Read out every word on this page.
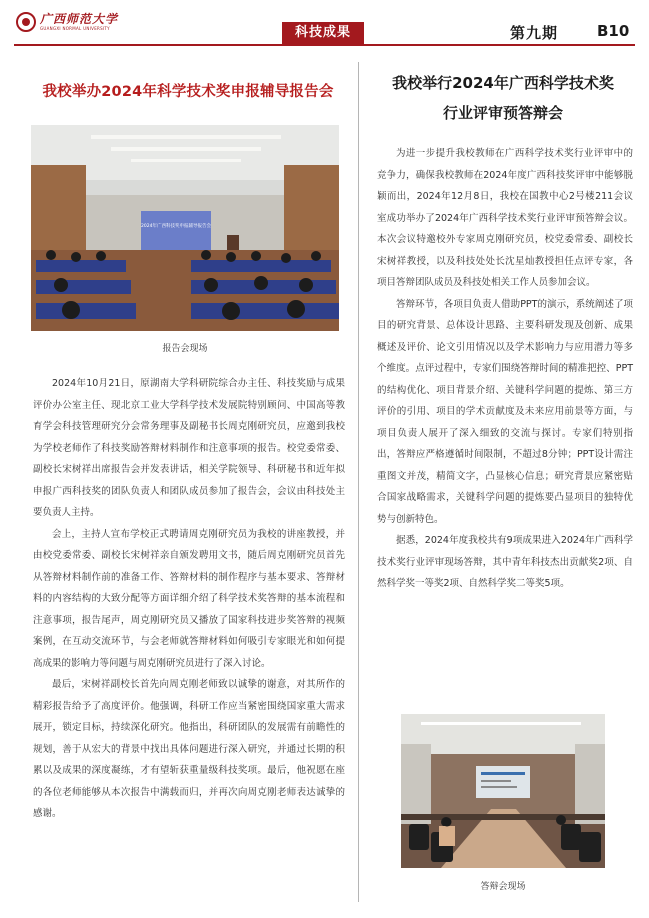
广西师范大学
GUANGXI NORMAL UNIVERSITY	科技成果	第九期	B10
我校举办2024年科学技术奖申报辅导报告会
2024年广西科技奖申报辅导报告会
报告会现场

2024年10月21日，原湖南大学科研院综合办主任、科技奖励与成果评价办公室主任、现北京工业大学科学技术发展院特别顾问、中国高等教育学会科技管理研究分会常务理事及副秘书长周克刚研究员，应邀到我校为学校老师作了科技奖励答辩材料制作和注意事项的报告。校党委常委、副校长宋树祥出席报告会并发表讲话，相关学院领导、科研秘书和近年拟申报广西科技奖的团队负责人和团队成员参加了报告会，会议由科技处主要负责人主持。

会上，主持人宣布学校正式聘请周克刚研究员为我校的讲座教授，并由校党委常委、副校长宋树祥亲自颁发聘用文书，随后周克刚研究员首先从答辩材料制作前的准备工作、答辩材料的制作程序与基本要求、答辩材料的内容结构的大致分配等方面详细介绍了科学技术奖答辩的基本流程和注意事项，报告尾声，周克刚研究员又播放了国家科技进步奖答辩的视频案例，在互动交流环节，与会老师就答辩材料如何吸引专家眼光和如何提高成果的影响力等问题与周克刚研究员进行了深入讨论。

最后，宋树祥副校长首先向周克刚老师致以诚挚的谢意，对其所作的精彩报告给予了高度评价。他强调，科研工作应当紧密围绕国家重大需求展开，锁定目标，持续深化研究。他指出，科研团队的发展需有前瞻性的规划，善于从宏大的背景中找出具体问题进行深入研究，并通过长期的积累以及成果的深度凝练，才有望斩获重量级科技奖项。最后，他祝愿在座的各位老师能够从本次报告中满载而归，并再次向周克刚老师表达诚挚的感谢。

我校举行2024年广西科学技术奖
行业评审预答辩会

为进一步提升我校教师在广西科学技术奖行业评审中的竞争力，确保我校教师在2024年度广西科技奖评审中能够脱颖而出，2024年12月8日，我校在国教中心2号楼211会议室成功举办了2024年广西科学技术奖行业评审预答辩会议。本次会议特邀校外专家周克刚研究员，校党委常委、副校长宋树祥教授，以及科技处处长沈星灿教授担任点评专家，各项目答辩团队成员及科技处相关工作人员参加会议。

答辩环节，各项目负责人借助PPT的演示，系统阐述了项目的研究背景、总体设计思路、主要科研发现及创新、成果概述及评价、论文引用情况以及学术影响力与应用潜力等多个维度。点评过程中，专家们围绕答辩时间的精准把控、PPT的结构优化、项目背景介绍、关键科学问题的提炼、第三方评价的引用、项目的学术贡献度及未来应用前景等方面，与项目负责人展开了深入细致的交流与探讨。专家们特别指出，答辩应严格遵循时间限制，不超过8分钟；PPT设计需注重图文并茂，精简文字，凸显核心信息；研究背景应紧密贴合国家战略需求，关键科学问题的提炼要凸显项目的独特优势与创新特色。

据悉，2024年度我校共有9项成果进入2024年广西科学技术奖行业评审现场答辩，其中青年科技杰出贡献奖2项、自然科学奖一等奖2项、自然科学奖二等奖5项。

答辩会现场
